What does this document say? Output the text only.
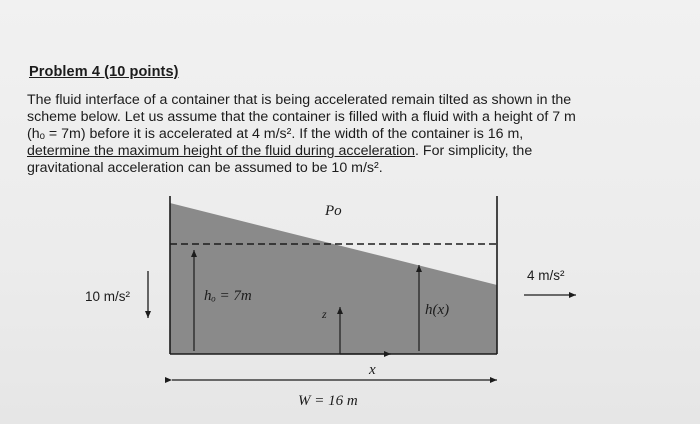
Problem 4 (10 points)
The fluid interface of a container that is being accelerated remain tilted as shown in the
scheme below. Let us assume that the container is filled with a fluid with a height of 7 m
(hₒ = 7m) before it is accelerated at 4 m/s². If the width of the container is 16 m,
determine the maximum height of the fluid during acceleration. For simplicity, the
gravitational acceleration can be assumed to be 10 m/s².
Po
hₒ = 7m
z	h(x)
x
10 m/s²
4 m/s²
W = 16 m
